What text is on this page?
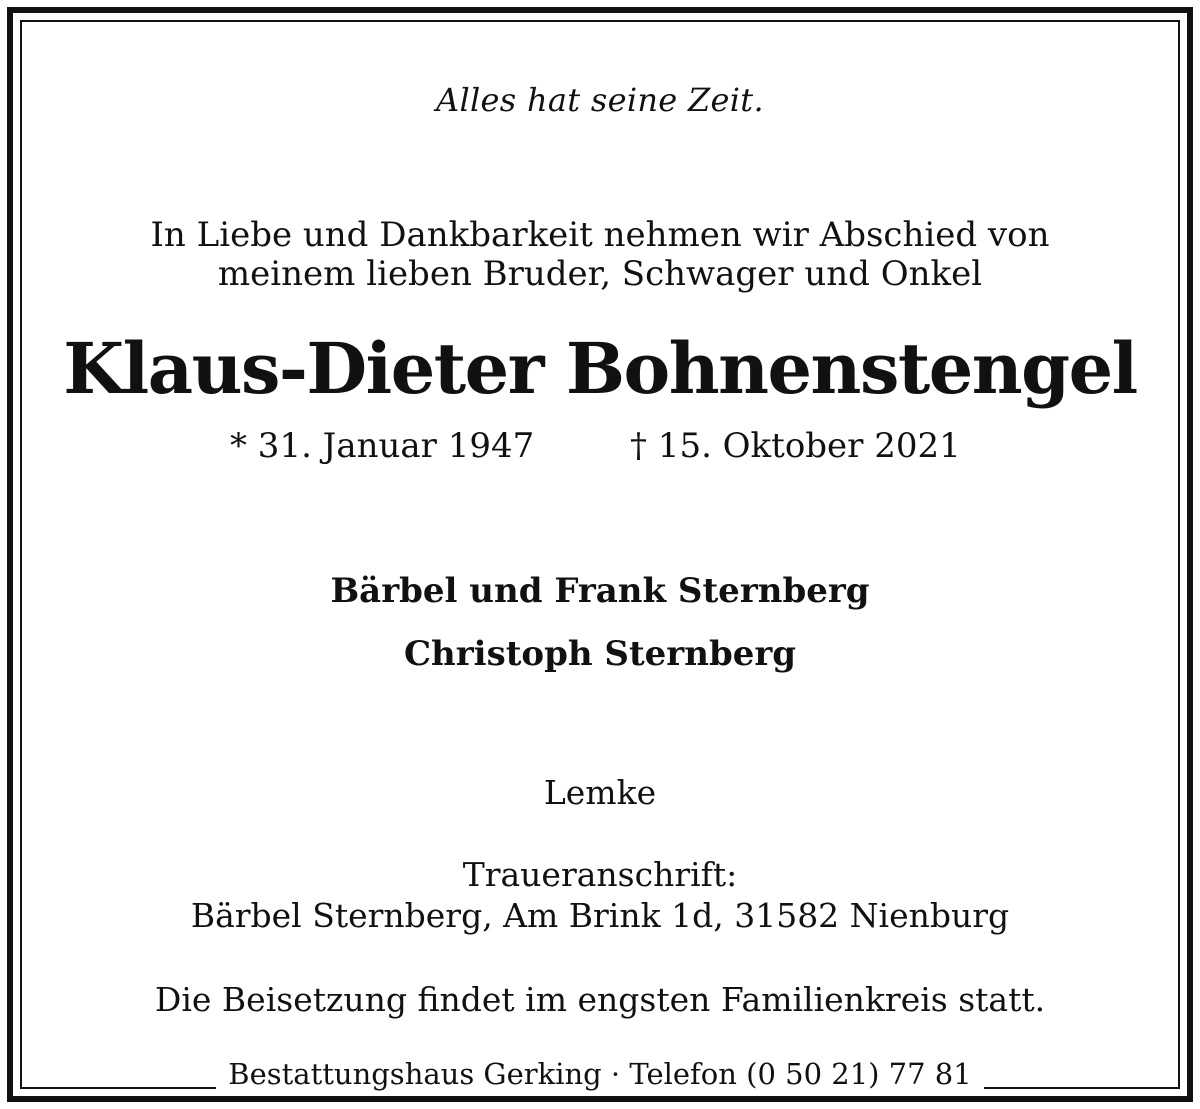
Alles hat seine Zeit.
In Liebe und Dankbarkeit nehmen wir Abschied von
meinem lieben Bruder, Schwager und Onkel
Klaus-Dieter Bohnenstengel
* 31. Januar 1947	† 15. Oktober 2021
Bärbel und Frank Sternberg
Christoph Sternberg
Lemke
Traueranschrift:
Bärbel Sternberg, Am Brink 1d, 31582 Nienburg
Die Beisetzung findet im engsten Familienkreis statt.
Bestattungshaus Gerking · Telefon (0 50 21) 77 81
